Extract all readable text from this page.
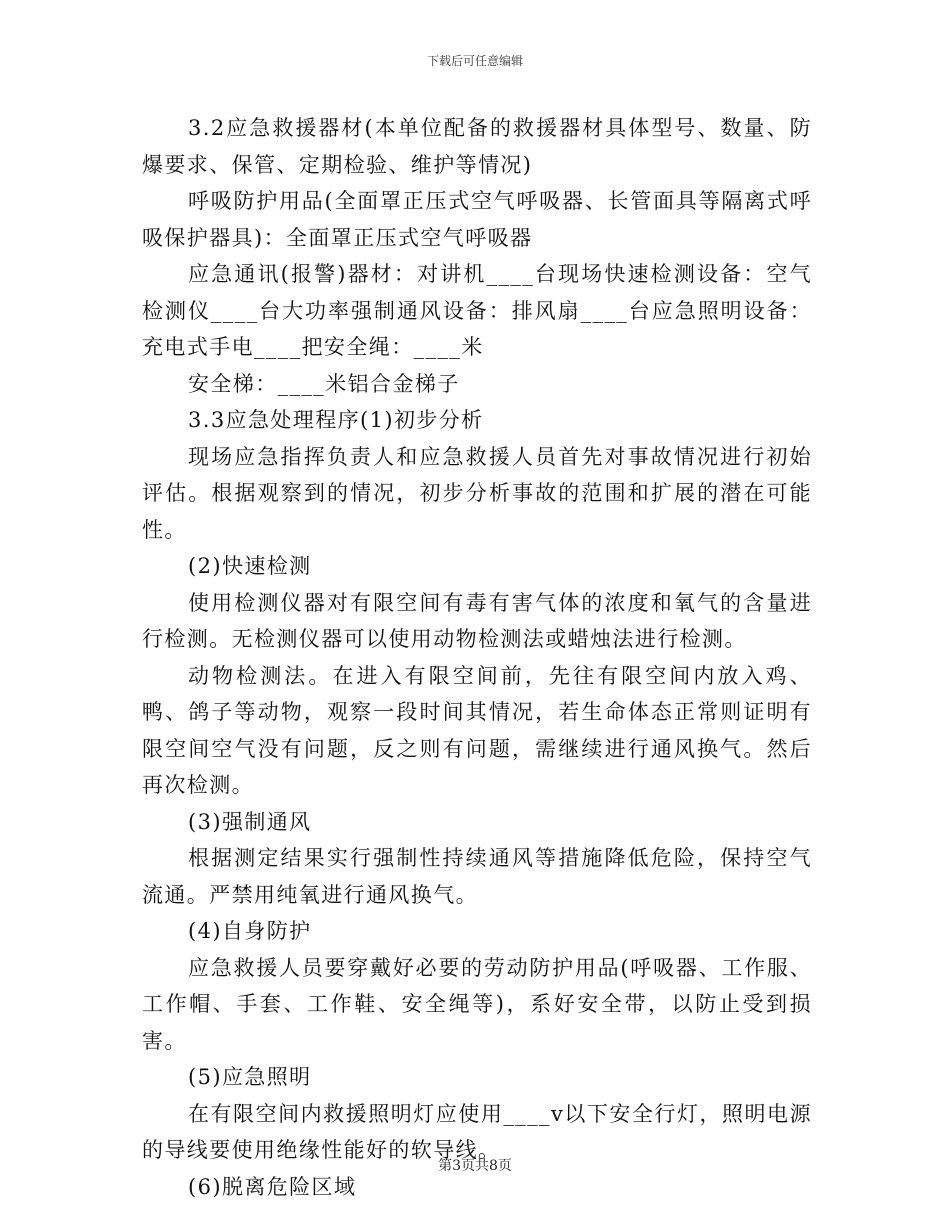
下载后可任意编辑

3.2应急救援器材(本单位配备的救援器材具体型号、数量、防爆要求、保管、定期检验、维护等情况)

呼吸防护用品(全面罩正压式空气呼吸器、长管面具等隔离式呼吸保护器具)：全面罩正压式空气呼吸器

应急通讯(报警)器材：对讲机____台现场快速检测设备：空气检测仪____台大功率强制通风设备：排风扇____台应急照明设备：充电式手电____把安全绳：____米

安全梯：____米铝合金梯子

3.3应急处理程序(1)初步分析

现场应急指挥负责人和应急救援人员首先对事故情况进行初始评估。根据观察到的情况，初步分析事故的范围和扩展的潜在可能性。

(2)快速检测

使用检测仪器对有限空间有毒有害气体的浓度和氧气的含量进行检测。无检测仪器可以使用动物检测法或蜡烛法进行检测。

动物检测法。在进入有限空间前，先往有限空间内放入鸡、鸭、鸽子等动物，观察一段时间其情况，若生命体态正常则证明有限空间空气没有问题，反之则有问题，需继续进行通风换气。然后再次检测。

(3)强制通风

根据测定结果实行强制性持续通风等措施降低危险，保持空气流通。严禁用纯氧进行通风换气。

(4)自身防护

应急救援人员要穿戴好必要的劳动防护用品(呼吸器、工作服、工作帽、手套、工作鞋、安全绳等)，系好安全带，以防止受到损害。

(5)应急照明

在有限空间内救援照明灯应使用____v以下安全行灯，照明电源的导线要使用绝缘性能好的软导线。

(6)脱离危险区域

第3页共8页
